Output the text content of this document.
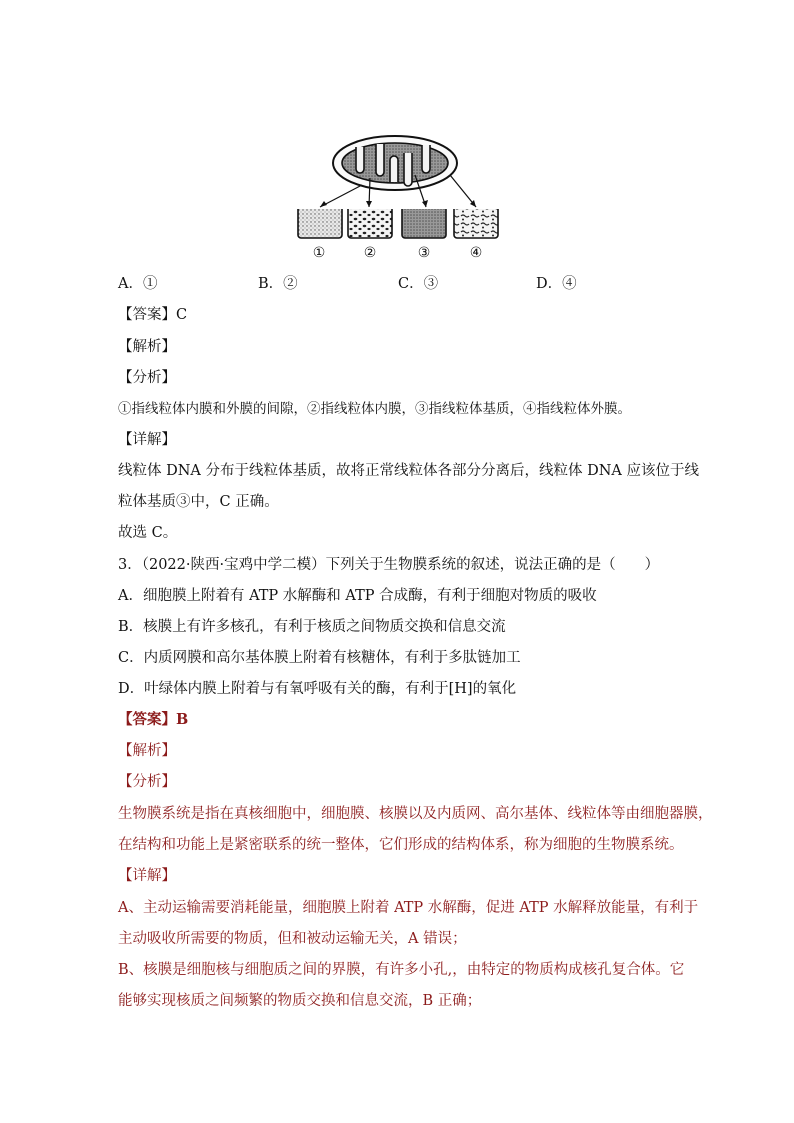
①	②	③	④
A．①	B．②	C．③	D．④
【答案】C
【解析】
【分析】
①指线粒体内膜和外膜的间隙，②指线粒体内膜，③指线粒体基质，④指线粒体外膜。
【详解】
线粒体 DNA 分布于线粒体基质，故将正常线粒体各部分分离后，线粒体 DNA 应该位于线
粒体基质③中，C 正确。
故选 C。
3．（2022·陕西·宝鸡中学二模）下列关于生物膜系统的叙述，说法正确的是（　　）
A．细胞膜上附着有 ATP 水解酶和 ATP 合成酶，有利于细胞对物质的吸收
B．核膜上有许多核孔，有利于核质之间物质交换和信息交流
C．内质网膜和高尔基体膜上附着有核糖体，有利于多肽链加工
D．叶绿体内膜上附着与有氧呼吸有关的酶，有利于[H]的氧化
【答案】B
【解析】
【分析】
生物膜系统是指在真核细胞中，细胞膜、核膜以及内质网、高尔基体、线粒体等由细胞器膜，
在结构和功能上是紧密联系的统一整体，它们形成的结构体系，称为细胞的生物膜系统。
【详解】
A、主动运输需要消耗能量，细胞膜上附着 ATP 水解酶，促进 ATP 水解释放能量，有利于
主动吸收所需要的物质，但和被动运输无关，A 错误；
B、核膜是细胞核与细胞质之间的界膜，有许多小孔,，由特定的物质构成核孔复合体。它
能够实现核质之间频繁的物质交换和信息交流，B 正确；
